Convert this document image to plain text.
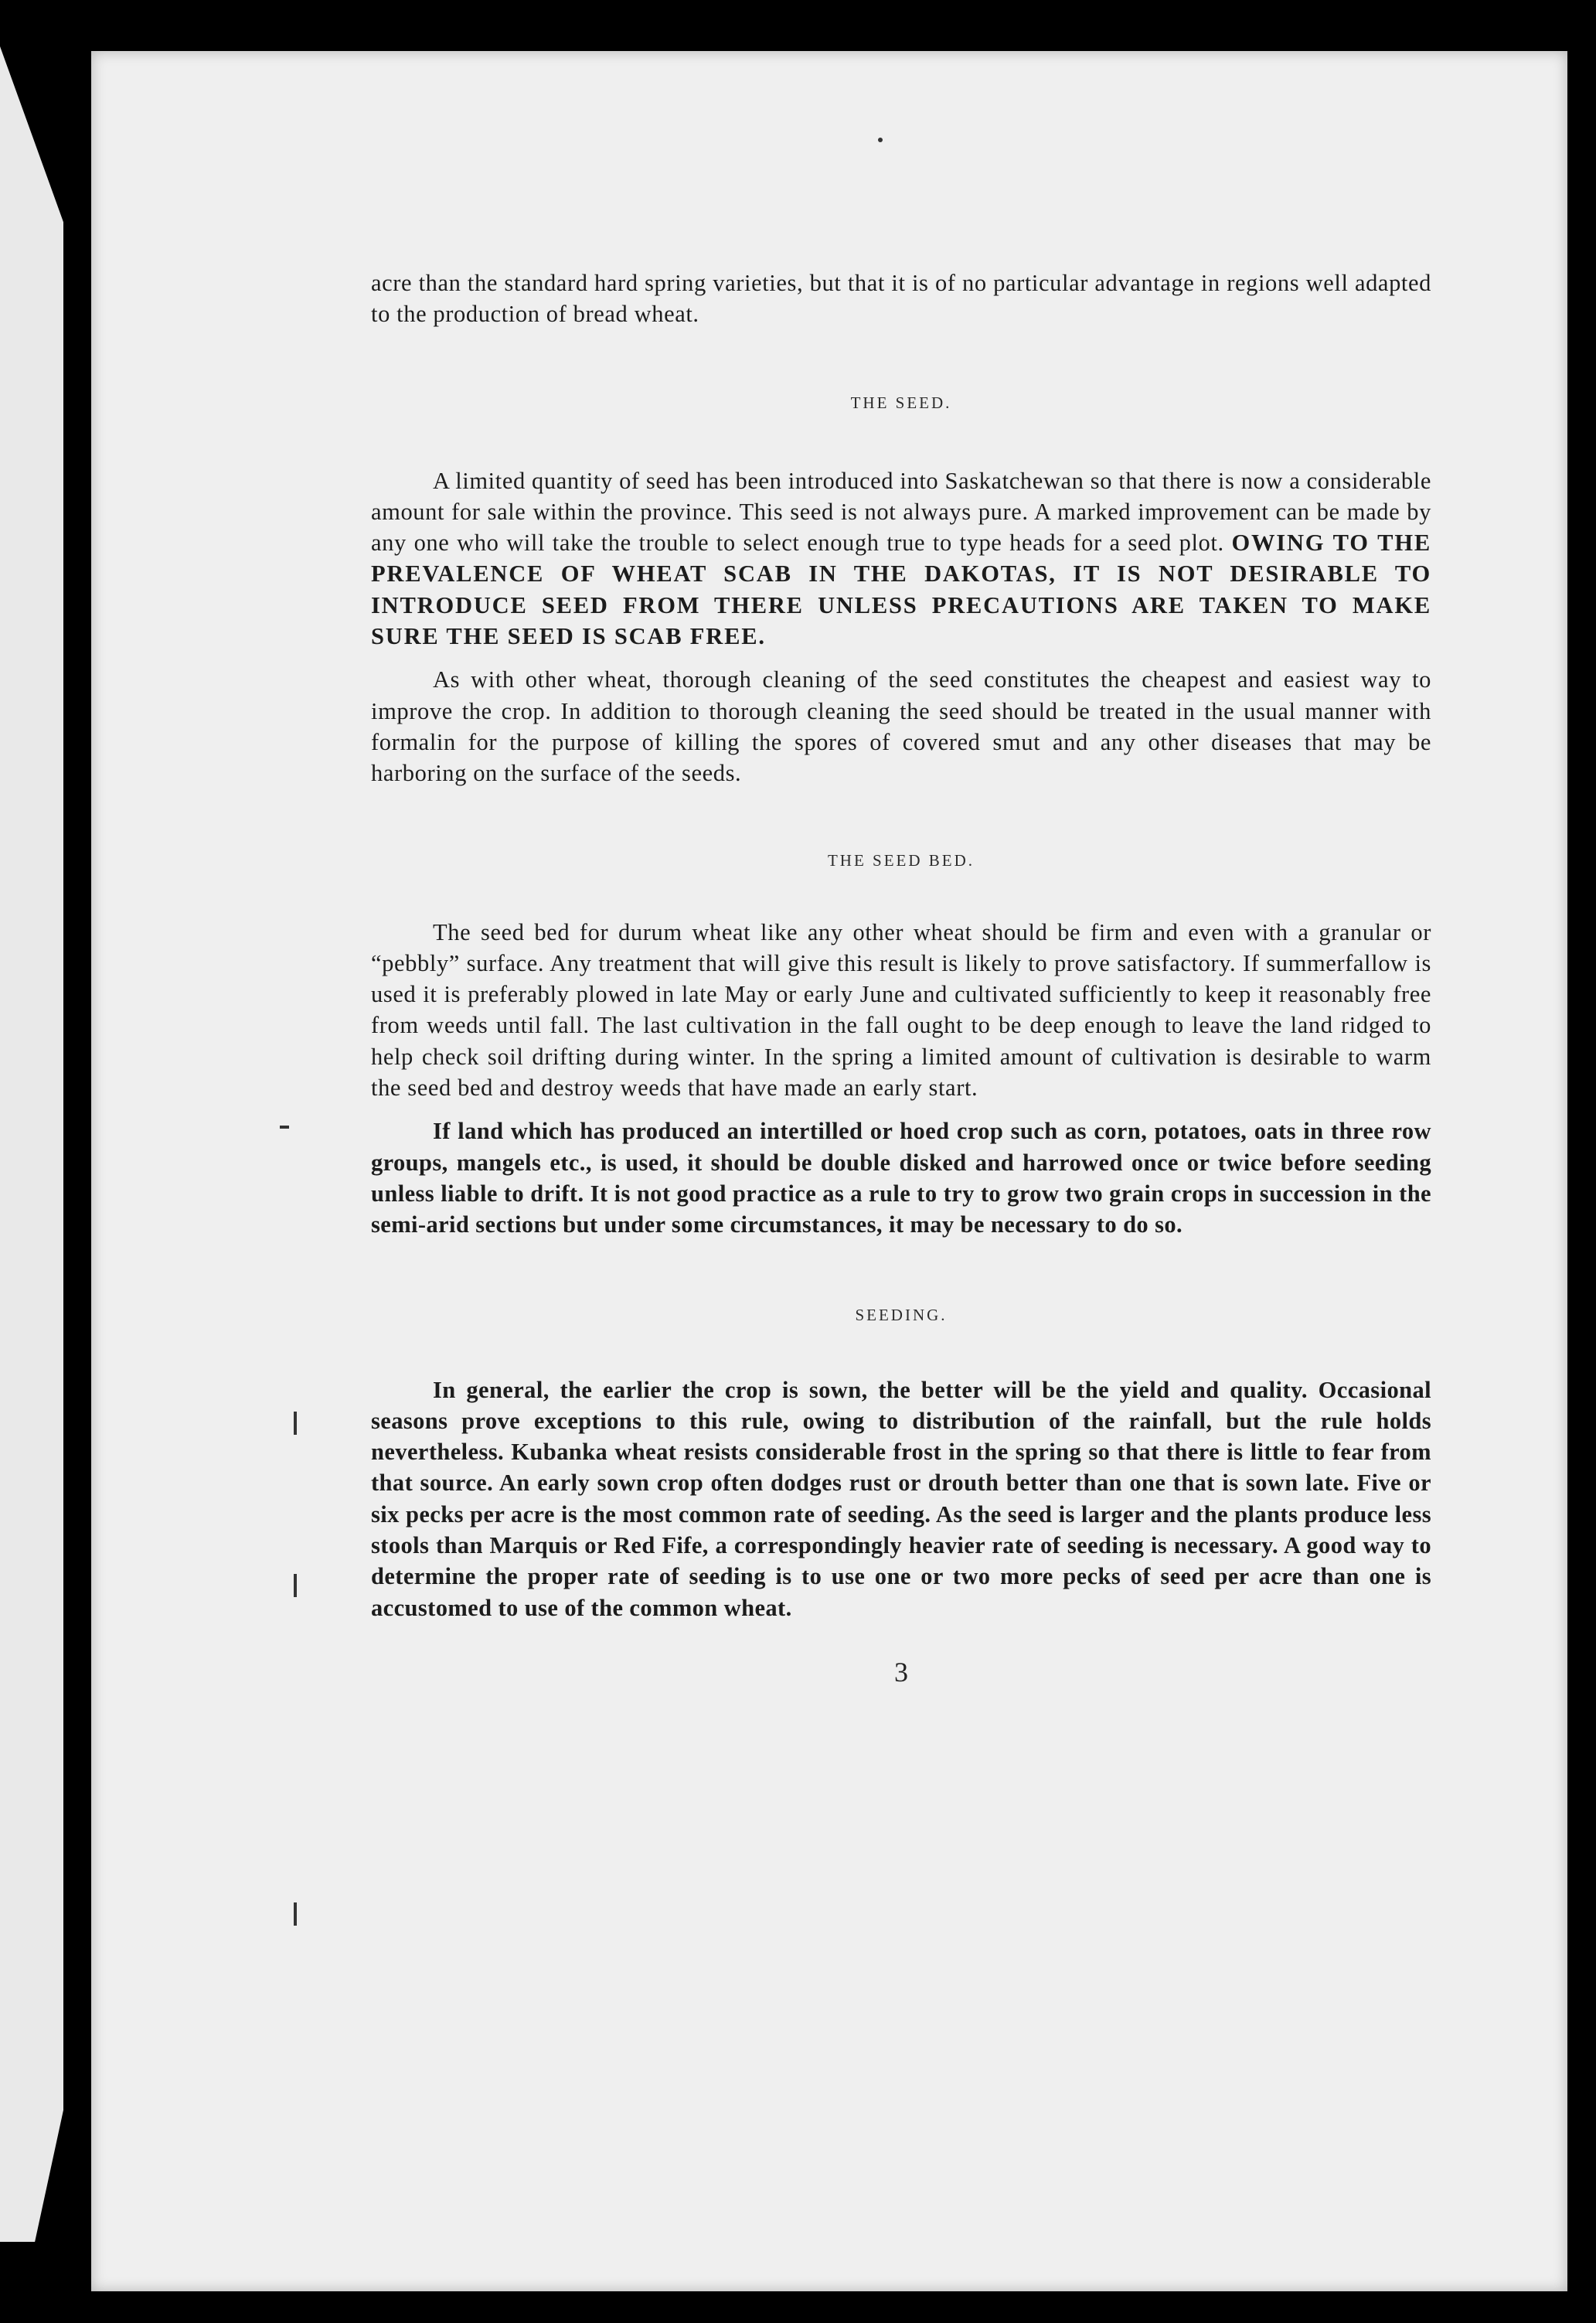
acre than the standard hard spring varieties, but that it is of no particular advantage in regions well adapted to the production of bread wheat.

THE SEED.

A limited quantity of seed has been introduced into Saskatchewan so that there is now a considerable amount for sale within the province. This seed is not always pure. A marked improvement can be made by any one who will take the trouble to select enough true to type heads for a seed plot. OWING TO THE PREVALENCE OF WHEAT SCAB IN THE DAKOTAS, IT IS NOT DESIRABLE TO INTRODUCE SEED FROM THERE UNLESS PRECAUTIONS ARE TAKEN TO MAKE SURE THE SEED IS SCAB FREE.

As with other wheat, thorough cleaning of the seed constitutes the cheapest and easiest way to improve the crop. In addition to thorough cleaning the seed should be treated in the usual manner with formalin for the purpose of killing the spores of covered smut and any other diseases that may be harboring on the surface of the seeds.

THE SEED BED.

The seed bed for durum wheat like any other wheat should be firm and even with a granular or “pebbly” surface. Any treatment that will give this result is likely to prove satisfactory. If summerfallow is used it is preferably plowed in late May or early June and cultivated sufficiently to keep it reasonably free from weeds until fall. The last cultivation in the fall ought to be deep enough to leave the land ridged to help check soil drifting during winter. In the spring a limited amount of cultivation is desirable to warm the seed bed and destroy weeds that have made an early start.

If land which has produced an intertilled or hoed crop such as corn, potatoes, oats in three row groups, mangels etc., is used, it should be double disked and harrowed once or twice before seeding unless liable to drift. It is not good practice as a rule to try to grow two grain crops in succession in the semi-arid sections but under some circumstances, it may be necessary to do so.

SEEDING.

In general, the earlier the crop is sown, the better will be the yield and quality. Occasional seasons prove exceptions to this rule, owing to distribution of the rainfall, but the rule holds nevertheless. Kubanka wheat resists considerable frost in the spring so that there is little to fear from that source. An early sown crop often dodges rust or drouth better than one that is sown late. Five or six pecks per acre is the most common rate of seeding. As the seed is larger and the plants produce less stools than Marquis or Red Fife, a correspondingly heavier rate of seeding is necessary. A good way to determine the proper rate of seeding is to use one or two more pecks of seed per acre than one is accustomed to use of the common wheat.

3
